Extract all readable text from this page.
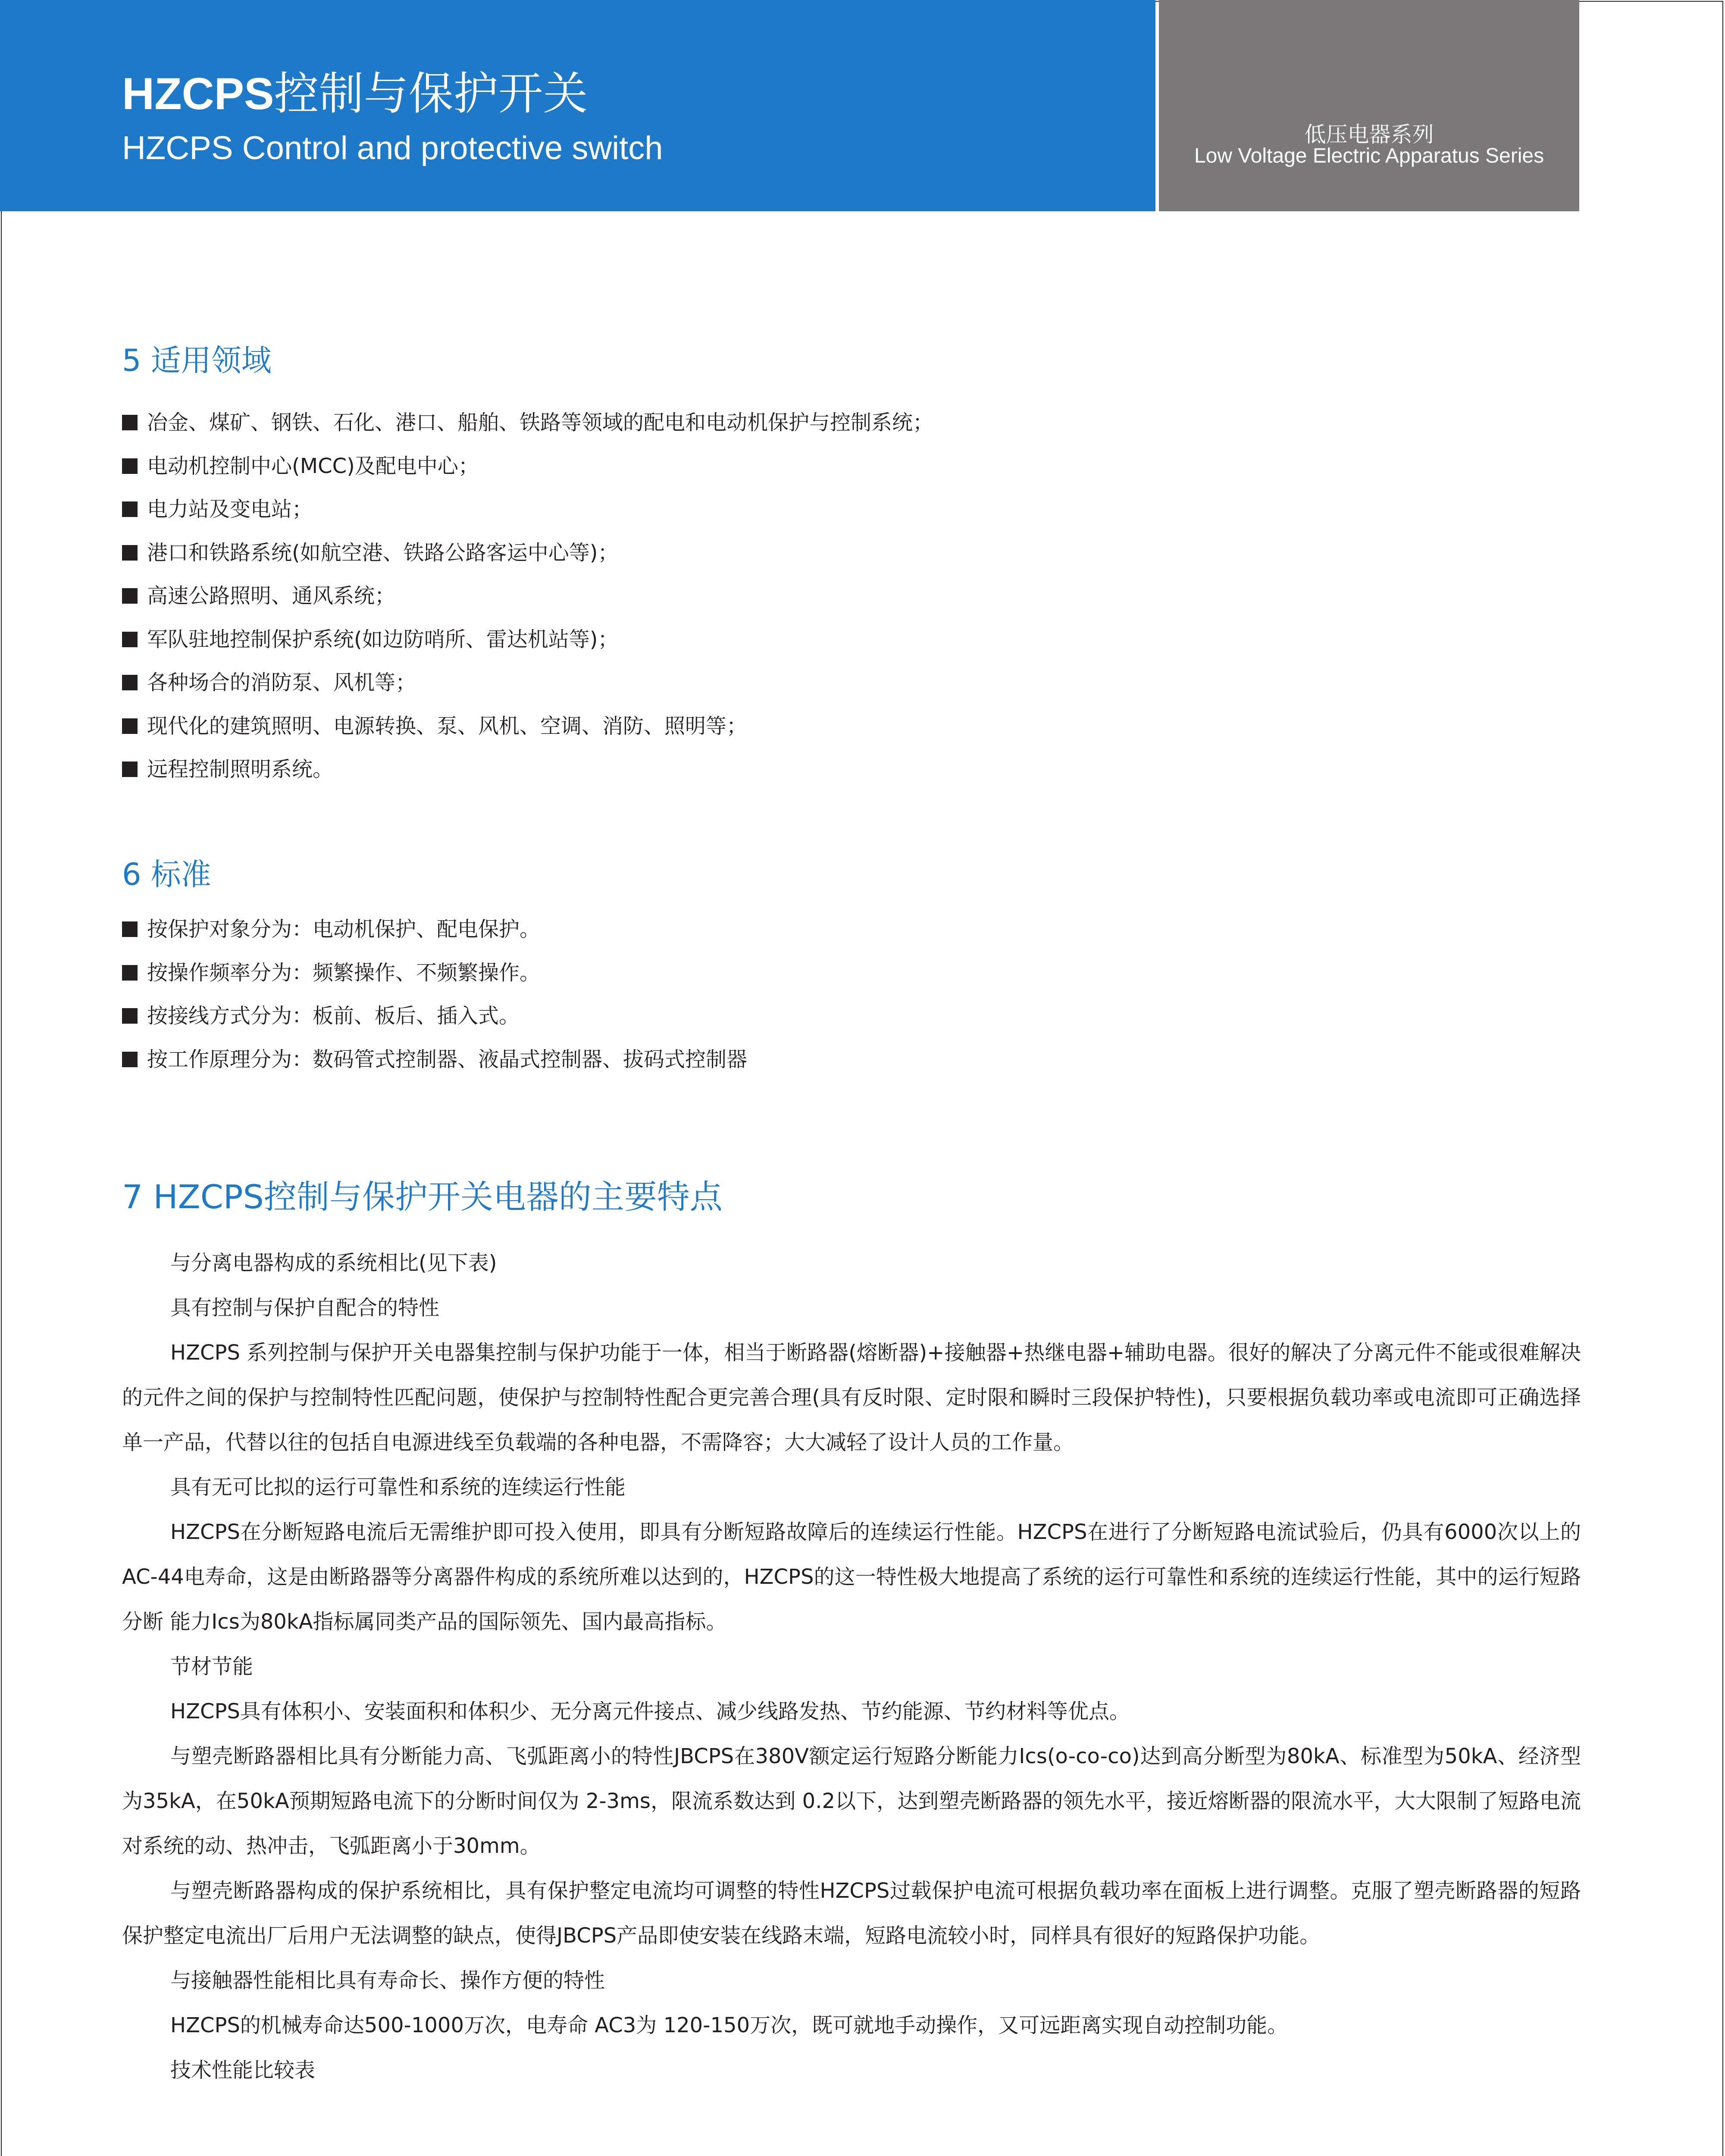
HZCPS控制与保护开关
HZCPS Control and protective switch	低压电器系列
Low Voltage Electric Apparatus Series
5 适用领域
冶金、煤矿、钢铁、石化、港口、船舶、铁路等领域的配电和电动机保护与控制系统；
电动机控制中心(MCC)及配电中心；
电力站及变电站；
港口和铁路系统(如航空港、铁路公路客运中心等)；
高速公路照明、通风系统；
军队驻地控制保护系统(如边防哨所、雷达机站等)；
各种场合的消防泵、风机等；
现代化的建筑照明、电源转换、泵、风机、空调、消防、照明等；
远程控制照明系统。
6 标准
按保护对象分为：电动机保护、配电保护。
按操作频率分为：频繁操作、不频繁操作。
按接线方式分为：板前、板后、插入式。
按工作原理分为：数码管式控制器、液晶式控制器、拔码式控制器
7 HZCPS控制与保护开关电器的主要特点

与分离电器构成的系统相比(见下表)

具有控制与保护自配合的特性

HZCPS 系列控制与保护开关电器集控制与保护功能于一体，相当于断路器(熔断器)+接触器+热继电器+辅助电器。很好的解决了分离元件不能或很难解决的元件之间的保护与控制特性匹配问题，使保护与控制特性配合更完善合理(具有反时限、定时限和瞬时三段保护特性)，只要根据负载功率或电流即可正确选择单一产品，代替以往的包括自电源进线至负载端的各种电器，不需降容；大大减轻了设计人员的工作量。

具有无可比拟的运行可靠性和系统的连续运行性能

HZCPS在分断短路电流后无需维护即可投入使用，即具有分断短路故障后的连续运行性能。HZCPS在进行了分断短路电流试验后，仍具有6000次以上的AC-44电寿命，这是由断路器等分离器件构成的系统所难以达到的，HZCPS的这一特性极大地提高了系统的运行可靠性和系统的连续运行性能，其中的运行短路分断 能力Ics为80kA指标属同类产品的国际领先、国内最高指标。

节材节能

HZCPS具有体积小、安装面积和体积少、无分离元件接点、减少线路发热、节约能源、节约材料等优点。

与塑壳断路器相比具有分断能力高、飞弧距离小的特性JBCPS在380V额定运行短路分断能力Ics(o-co-co)达到高分断型为80kA、标准型为50kA、经济型为35kA，在50kA预期短路电流下的分断时间仅为 2-3ms，限流系数达到 0.2以下，达到塑壳断路器的领先水平，接近熔断器的限流水平，大大限制了短路电流对系统的动、热冲击，飞弧距离小于30mm。

与塑壳断路器构成的保护系统相比，具有保护整定电流均可调整的特性HZCPS过载保护电流可根据负载功率在面板上进行调整。克服了塑壳断路器的短路保护整定电流出厂后用户无法调整的缺点，使得JBCPS产品即使安装在线路末端，短路电流较小时，同样具有很好的短路保护功能。

与接触器性能相比具有寿命长、操作方便的特性

HZCPS的机械寿命达500-1000万次，电寿命 AC3为 120-150万次，既可就地手动操作，又可远距离实现自动控制功能。

技术性能比较表
